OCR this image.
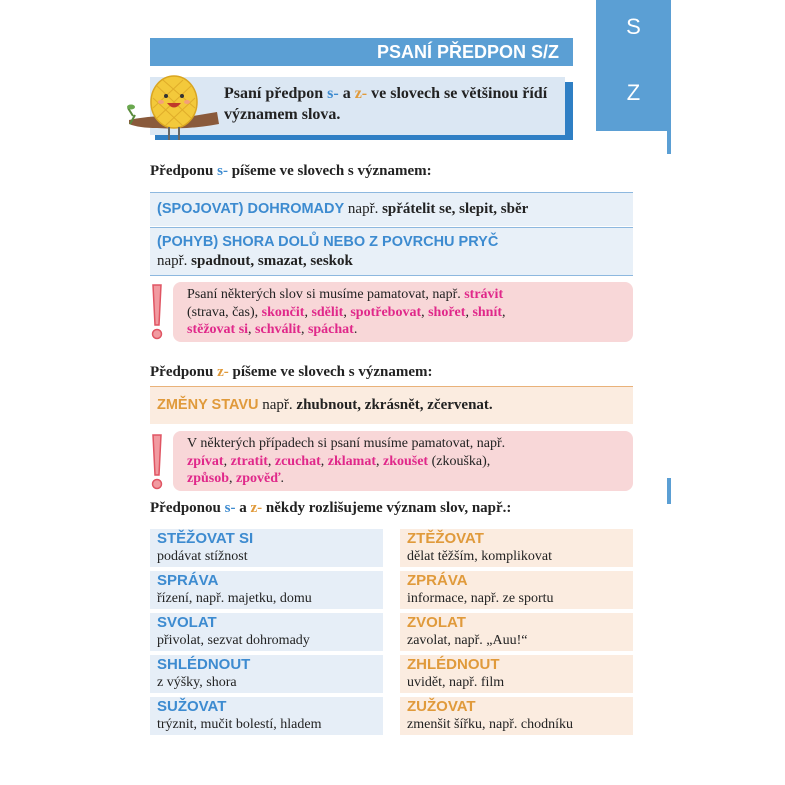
S
Z
PSANÍ PŘEDPON S/Z

Psaní předpon s- a z- ve slovech se většinou řídí významem slova.

Předponu s- píšeme ve slovech s významem:
(SPOJOVAT) DOHROMADY např. spřátelit se, slepit, sběr
(POHYB) SHORA DOLŮ NEBO Z POVRCHU PRYČ
např. spadnout, smazat, seskok

Psaní některých slov si musíme pamatovat, např. strávit
(strava, čas), skončit, sdělit, spotřebovat, shořet, shnít,
stěžovat si, schválit, spáchat.

Předponu z- píšeme ve slovech s významem:
ZMĚNY STAVU např. zhubnout, zkrásnět, zčervenat.

V některých případech si psaní musíme pamatovat, např.
zpívat, ztratit, zcuchat, zklamat, zkoušet (zkouška),
způsob, zpověď.

Předponou s- a z- někdy rozlišujeme význam slov, např.:
STĚŽOVAT SI
podávat stížnost
ZTĚŽOVAT
dělat těžším, komplikovat
SPRÁVA
řízení, např. majetku, domu
ZPRÁVA
informace, např. ze sportu
SVOLAT
přivolat, sezvat dohromady
ZVOLAT
zavolat, např. „Auu!“
SHLÉDNOUT
z výšky, shora
ZHLÉDNOUT
uvidět, např. film
SUŽOVAT
trýznit, mučit bolestí, hladem
ZUŽOVAT
zmenšit šířku, např. chodníku
